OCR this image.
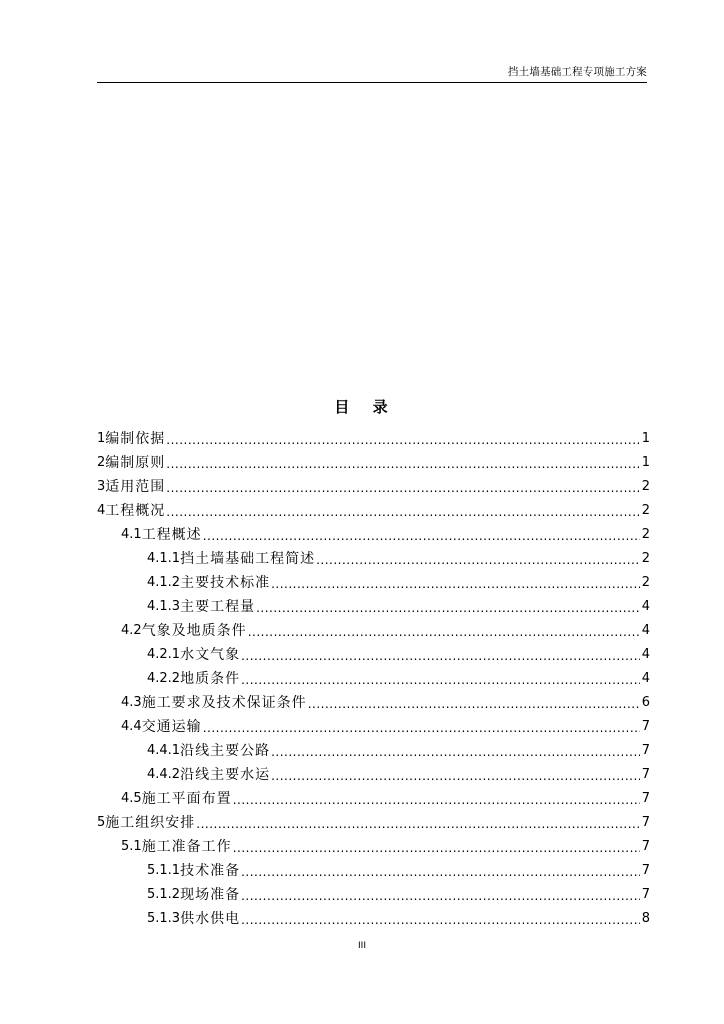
挡土墙基础工程专项施工方案
目 录
1 编制依据 .....	1
2 编制原则 .....	1
3 适用范围 .....	2
4 工程概况 .....	2
4.1 工程概述 .....	2
4.1.1 挡土墙基础工程简述 .....	2
4.1.2 主要技术标准 .....	2
4.1.3 主要工程量 .....	4
4.2 气象及地质条件 .....	4
4.2.1 水文气象 .....	4
4.2.2 地质条件 .....	4
4.3 施工要求及技术保证条件 .....	6
4.4 交通运输 .....	7
4.4.1 沿线主要公路 .....	7
4.4.2 沿线主要水运 .....	7
4.5 施工平面布置 .....	7
5 施工组织安排 .....	7
5.1 施工准备工作 .....	7
5.1.1 技术准备 .....	7
5.1.2 现场准备 .....	7
5.1.3 供水供电 .....	8
III
